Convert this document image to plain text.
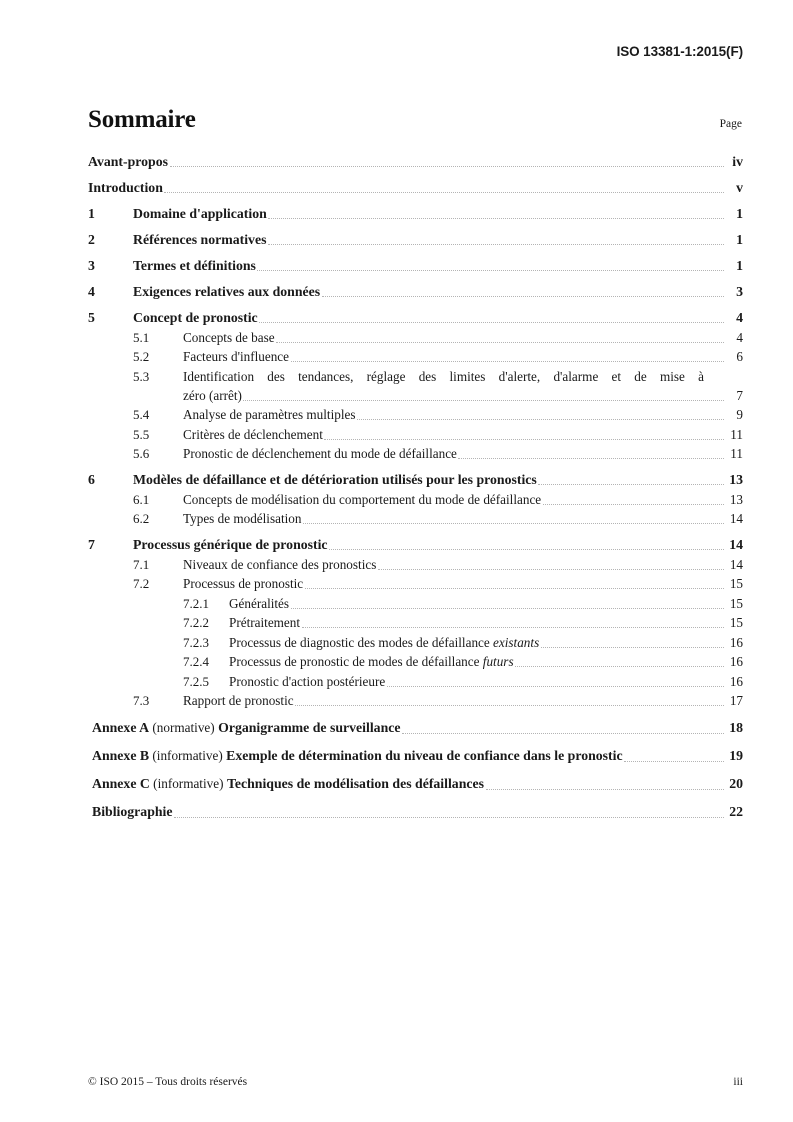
ISO 13381-1:2015(F)
Sommaire	Page
Avant-propos	iv
Introduction	v
1	Domaine d'application	1
2	Références normatives	1
3	Termes et définitions	1
4	Exigences relatives aux données	3
5	Concept de pronostic	4
5.1	Concepts de base	4
5.2	Facteurs d'influence	6
5.3	Identification des tendances, réglage des limites d'alerte, d'alarme et de mise à
zéro (arrêt)	7
5.4	Analyse de paramètres multiples	9
5.5	Critères de déclenchement	11
5.6	Pronostic de déclenchement du mode de défaillance	11
6	Modèles de défaillance et de détérioration utilisés pour les pronostics	13
6.1	Concepts de modélisation du comportement du mode de défaillance	13
6.2	Types de modélisation	14
7	Processus générique de pronostic	14
7.1	Niveaux de confiance des pronostics	14
7.2	Processus de pronostic	15
7.2.1	Généralités	15
7.2.2	Prétraitement	15
7.2.3	Processus de diagnostic des modes de défaillance existants	16
7.2.4	Processus de pronostic de modes de défaillance futurs	16
7.2.5	Pronostic d'action postérieure	16
7.3	Rapport de pronostic	17
Annexe A (normative) Organigramme de surveillance	18
Annexe B (informative) Exemple de détermination du niveau de confiance dans le pronostic	19
Annexe C (informative) Techniques de modélisation des défaillances	20
Bibliographie	22
© ISO 2015 – Tous droits réservés	iii
